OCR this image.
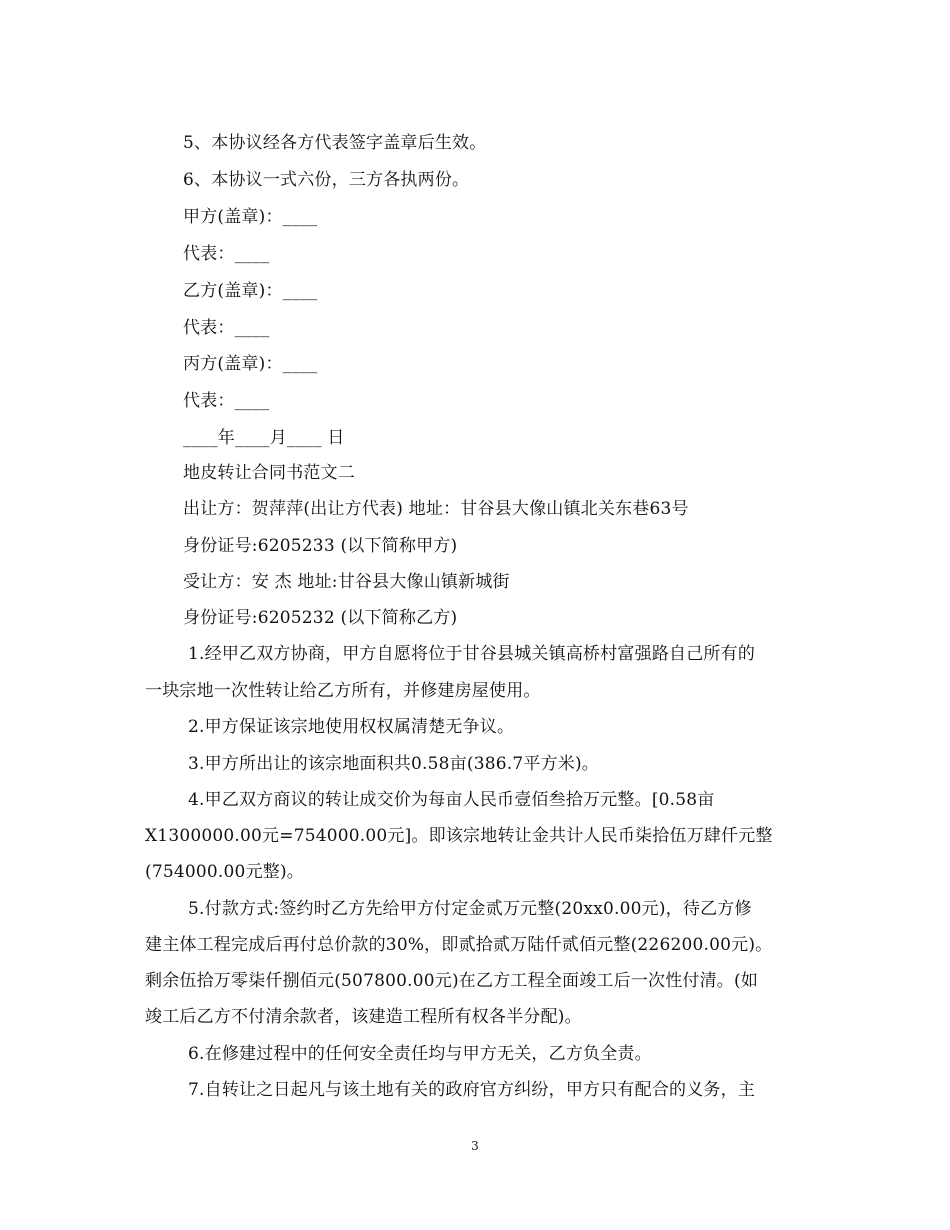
5、本协议经各方代表签字盖章后生效。
6、本协议一式六份，三方各执两份。
甲方(盖章)：____
代表：____
乙方(盖章)：____
代表：____
丙方(盖章)：____
代表：____
____年____月____ 日
地皮转让合同书范文二
出让方：贺萍萍(出让方代表) 地址：甘谷县大像山镇北关东巷63号
身份证号:6205233 (以下简称甲方)
受让方：安 杰 地址:甘谷县大像山镇新城街
身份证号:6205232 (以下简称乙方)
1.经甲乙双方协商，甲方自愿将位于甘谷县城关镇高桥村富强路自己所有的
一块宗地一次性转让给乙方所有，并修建房屋使用。
2.甲方保证该宗地使用权权属清楚无争议。
3.甲方所出让的该宗地面积共0.58亩(386.7平方米)。
4.甲乙双方商议的转让成交价为每亩人民币壹佰叁拾万元整。[0.58亩
X1300000.00元=754000.00元]。即该宗地转让金共计人民币柒拾伍万肆仟元整
(754000.00元整)。
5.付款方式:签约时乙方先给甲方付定金贰万元整(20xx0.00元)，待乙方修
建主体工程完成后再付总价款的30%，即贰拾贰万陆仟贰佰元整(226200.00元)。
剩余伍拾万零柒仟捌佰元(507800.00元)在乙方工程全面竣工后一次性付清。(如
竣工后乙方不付清余款者，该建造工程所有权各半分配)。
6.在修建过程中的任何安全责任均与甲方无关，乙方负全责。
7.自转让之日起凡与该土地有关的政府官方纠纷，甲方只有配合的义务，主
3
